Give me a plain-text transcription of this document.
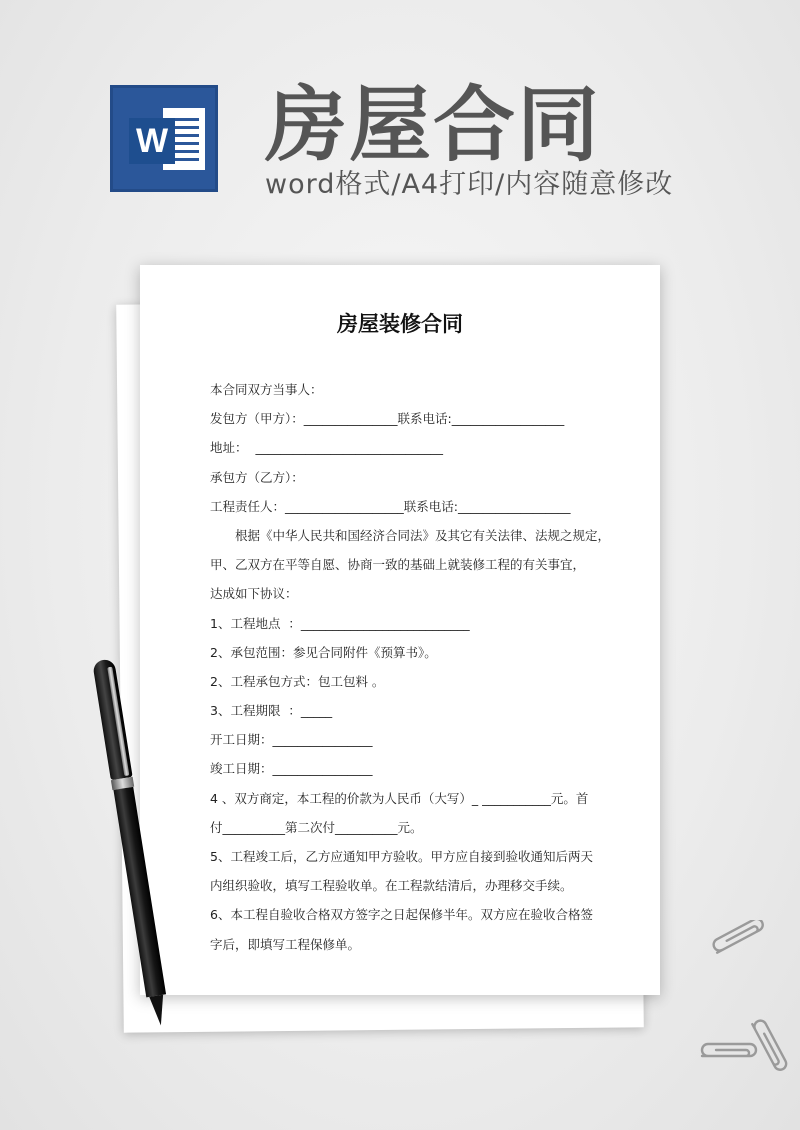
W 房屋合同
word格式/A4打印/内容随意修改
房屋装修合同
本合同双方当事人：
发包方（甲方）：_______________联系电话:__________________
地址：  ______________________________
承包方（乙方）：
工程责任人：___________________联系电话:__________________
　　根据《中华人民共和国经济合同法》及其它有关法律、法规之规定，
甲、乙双方在平等自愿、协商一致的基础上就装修工程的有关事宜，
达成如下协议：
1、工程地点  ：___________________________
2、承包范围：参见合同附件《预算书》。
2、工程承包方式：包工包料 。
3、工程期限  ：_____
开工日期：________________
竣工日期：________________
4 、双方商定，本工程的价款为人民币（大写）_ ___________元。首
付__________第二次付__________元。
5、工程竣工后，乙方应通知甲方验收。甲方应自接到验收通知后两天
内组织验收，填写工程验收单。在工程款结清后，办理移交手续。
6、本工程自验收合格双方签字之日起保修半年。双方应在验收合格签
字后，即填写工程保修单。
